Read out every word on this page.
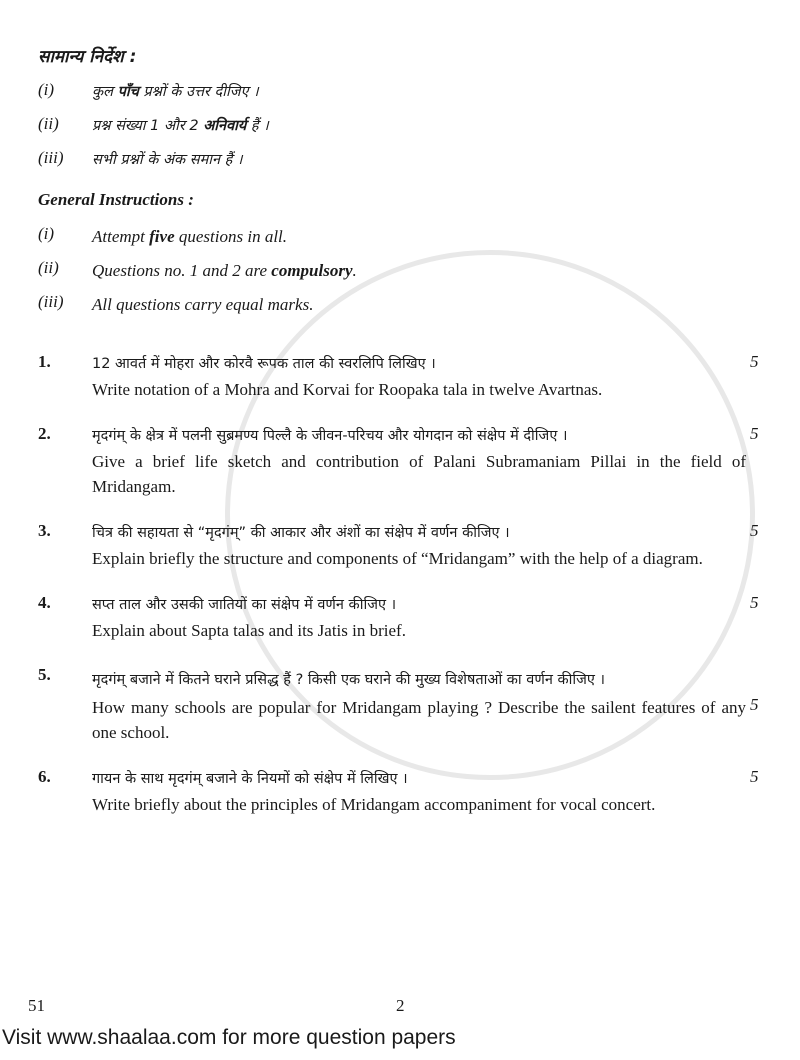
सामान्य निर्देश :
(i)	कुल पाँच प्रश्नों के उत्तर दीजिए ।
(ii) प्रश्न संख्या 1 और 2 अनिवार्य हैं ।
(iii) सभी प्रश्नों के अंक समान हैं ।
General Instructions :
(i) Attempt five questions in all.
(ii) Questions no. 1 and 2 are compulsory.
(iii) All questions carry equal marks.
1.	12 आवर्त में मोहरा और कोरवै रूपक ताल की स्वरलिपि लिखिए ।
Write notation of a Mohra and Korvai for Roopaka tala in twelve Avartnas.
5
2.	मृदगंम् के क्षेत्र में पलनी सुब्रमण्य पिल्लै के जीवन-परिचय और योगदान को संक्षेप में दीजिए ।
Give a brief life sketch and contribution of Palani Subramaniam Pillai in the field of Mridangam.
5
3.	चित्र की सहायता से “मृदगंम्” की आकार और अंशों का संक्षेप में वर्णन कीजिए ।
Explain briefly the structure and components of “Mridangam” with the help of a diagram.
5
4.	सप्त ताल और उसकी जातियों का संक्षेप में वर्णन कीजिए ।
Explain about Sapta talas and its Jatis in brief.
5
5.	मृदगंम् बजाने में कितने घराने प्रसिद्ध हैं ? किसी एक घराने की मुख्य विशेषताओं का वर्णन कीजिए ।
How many schools are popular for Mridangam playing ? Describe the sailent features of any one school.
5
6.	गायन के साथ मृदगंम् बजाने के नियमों को संक्षेप में लिखिए ।
Write briefly about the principles of Mridangam accompaniment for vocal concert.
5
51	2
Visit www.shaalaa.com for more question papers
